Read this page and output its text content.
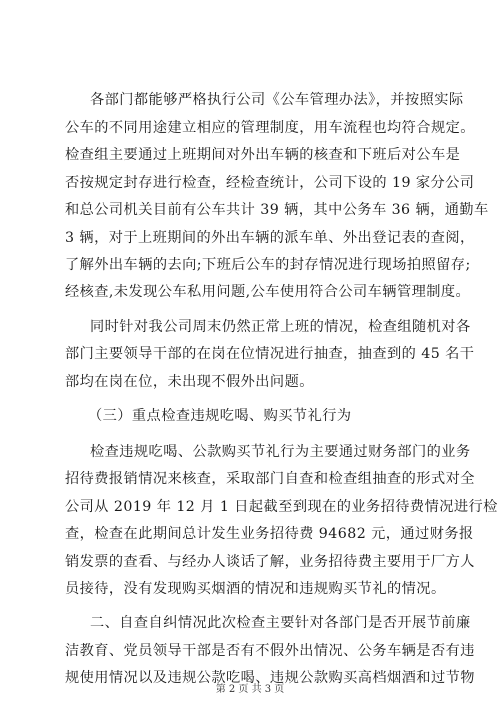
各部门都能够严格执行公司《公车管理办法》，并按照实际
公车的不同用途建立相应的管理制度，用车流程也均符合规定。
检查组主要通过上班期间对外出车辆的核查和下班后对公车是
否按规定封存进行检查，经检查统计，公司下设的 19 家分公司
和总公司机关目前有公车共计 39 辆，其中公务车 36 辆，通勤车
3 辆，对于上班期间的外出车辆的派车单、外出登记表的查阅，
了解外出车辆的去向;下班后公车的封存情况进行现场拍照留存;
经核查,未发现公车私用问题,公车使用符合公司车辆管理制度。
同时针对我公司周末仍然正常上班的情况，检查组随机对各
部门主要领导干部的在岗在位情况进行抽查，抽查到的 45 名干
部均在岗在位，未出现不假外出问题。
（三）重点检查违规吃喝、购买节礼行为
检查违规吃喝、公款购买节礼行为主要通过财务部门的业务
招待费报销情况来核查，采取部门自查和检查组抽查的形式对全
公司从 2019 年 12 月 1 日起截至到现在的业务招待费情况进行检
查，检查在此期间总计发生业务招待费 94682 元，通过财务报
销发票的查看、与经办人谈话了解，业务招待费主要用于厂方人
员接待，没有发现购买烟酒的情况和违规购买节礼的情况。
二、自查自纠情况此次检查主要针对各部门是否开展节前廉
洁教育、党员领导干部是否有不假外出情况、公务车辆是否有违
规使用情况以及违规公款吃喝、违规公款购买高档烟酒和过节物
第 2 页 共 3 页
